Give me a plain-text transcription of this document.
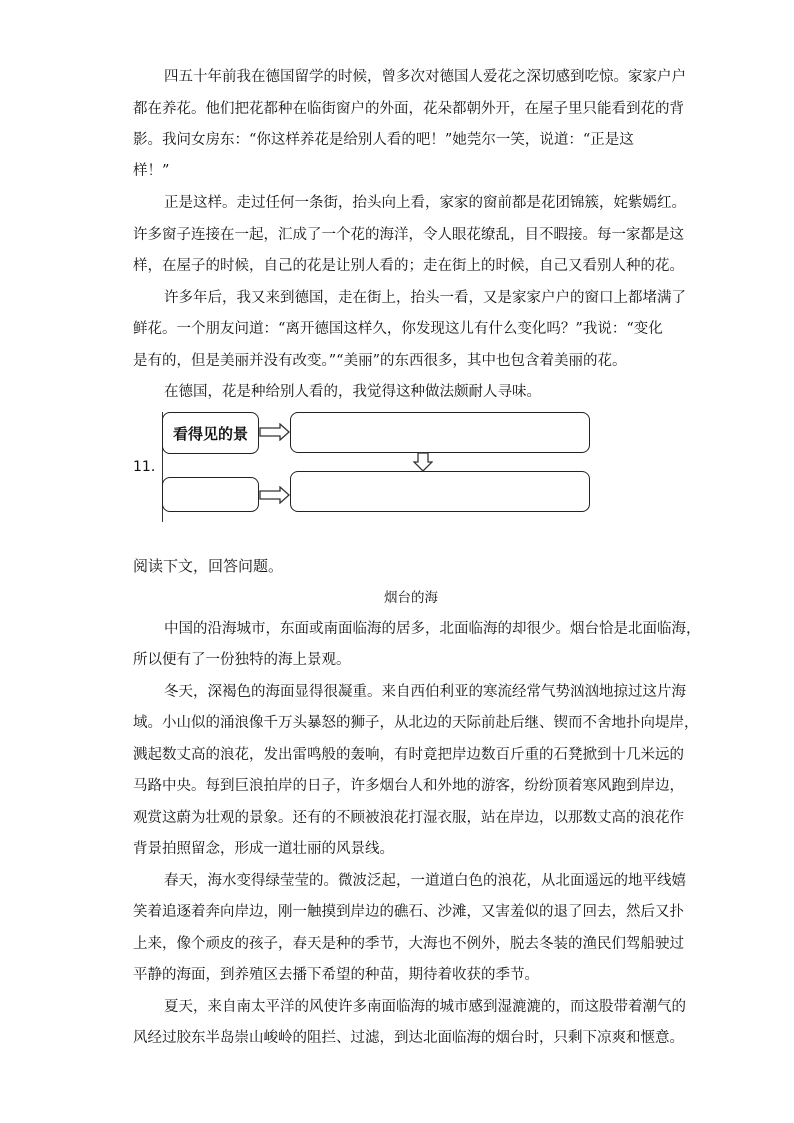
四五十年前我在德国留学的时候，曾多次对德国人爱花之深切感到吃惊。家家户户
都在养花。他们把花都种在临街窗户的外面，花朵都朝外开，在屋子里只能看到花的背
影。我问女房东：“你这样养花是给别人看的吧！”她莞尔一笑，说道：“正是这
样！”
正是这样。走过任何一条街，抬头向上看，家家的窗前都是花团锦簇，姹紫嫣红。
许多窗子连接在一起，汇成了一个花的海洋，令人眼花缭乱，目不暇接。每一家都是这
样，在屋子的时候，自己的花是让别人看的；走在街上的时候，自己又看别人种的花。
许多年后，我又来到德国，走在街上，抬头一看，又是家家户户的窗口上都堵满了
鲜花。一个朋友问道：“离开德国这样久，你发现这儿有什么变化吗？”我说：“变化
是有的，但是美丽并没有改变。”“美丽”的东西很多，其中也包含着美丽的花。
在德国，花是种给别人看的，我觉得这种做法颇耐人寻味。
11．
看得见的景
阅读下文，回答问题。
烟台的海
中国的沿海城市，东面或南面临海的居多，北面临海的却很少。烟台恰是北面临海，
所以便有了一份独特的海上景观。
冬天，深褐色的海面显得很凝重。来自西伯利亚的寒流经常气势汹汹地掠过这片海
域。小山似的涌浪像千万头暴怒的狮子，从北边的天际前赴后继、锲而不舍地扑向堤岸，
溅起数丈高的浪花，发出雷鸣般的轰响，有时竟把岸边数百斤重的石凳掀到十几米远的
马路中央。每到巨浪拍岸的日子，许多烟台人和外地的游客，纷纷顶着寒风跑到岸边，
观赏这蔚为壮观的景象。还有的不顾被浪花打湿衣服，站在岸边，以那数丈高的浪花作
背景拍照留念，形成一道壮丽的风景线。
春天，海水变得绿莹莹的。微波泛起，一道道白色的浪花，从北面遥远的地平线嬉
笑着追逐着奔向岸边，刚一触摸到岸边的礁石、沙滩，又害羞似的退了回去，然后又扑
上来，像个顽皮的孩子，春天是种的季节，大海也不例外，脱去冬装的渔民们驾船驶过
平静的海面，到养殖区去播下希望的种苗，期待着收获的季节。
夏天，来自南太平洋的风使许多南面临海的城市感到湿漉漉的，而这股带着潮气的
风经过胶东半岛崇山峻岭的阻拦、过滤，到达北面临海的烟台时，只剩下凉爽和惬意。
